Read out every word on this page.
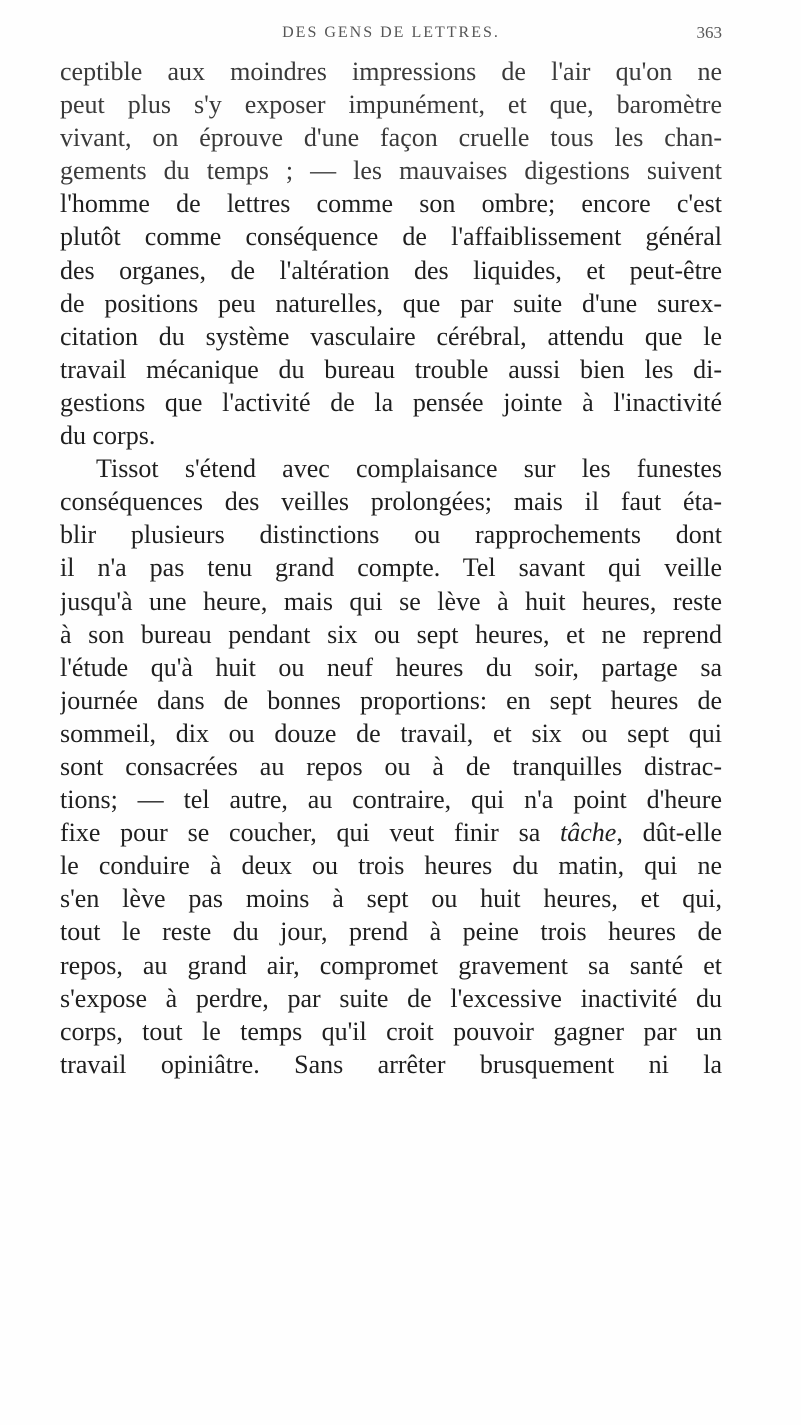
DES GENS DE LETTRES.	363
ceptible aux moindres impressions de l'air qu'on ne
peut plus s'y exposer impunément, et que, baromètre
vivant, on éprouve d'une façon cruelle tous les chan-
gements du temps ; — les mauvaises digestions suivent
l'homme de lettres comme son ombre; encore c'est
plutôt comme conséquence de l'affaiblissement général
des organes, de l'altération des liquides, et peut-être
de positions peu naturelles, que par suite d'une surex-
citation du système vasculaire cérébral, attendu que le
travail mécanique du bureau trouble aussi bien les di-
gestions que l'activité de la pensée jointe à l'inactivité
du corps.
Tissot s'étend avec complaisance sur les funestes
conséquences des veilles prolongées; mais il faut éta-
blir plusieurs distinctions ou rapprochements dont
il n'a pas tenu grand compte. Tel savant qui veille
jusqu'à une heure, mais qui se lève à huit heures, reste
à son bureau pendant six ou sept heures, et ne reprend
l'étude qu'à huit ou neuf heures du soir, partage sa
journée dans de bonnes proportions: en sept heures de
sommeil, dix ou douze de travail, et six ou sept qui
sont consacrées au repos ou à de tranquilles distrac-
tions; — tel autre, au contraire, qui n'a point d'heure
fixe pour se coucher, qui veut finir sa tâche, dût-elle
le conduire à deux ou trois heures du matin, qui ne
s'en lève pas moins à sept ou huit heures, et qui,
tout le reste du jour, prend à peine trois heures de
repos, au grand air, compromet gravement sa santé et
s'expose à perdre, par suite de l'excessive inactivité du
corps, tout le temps qu'il croit pouvoir gagner par un
travail opiniâtre. Sans arrêter brusquement ni la
